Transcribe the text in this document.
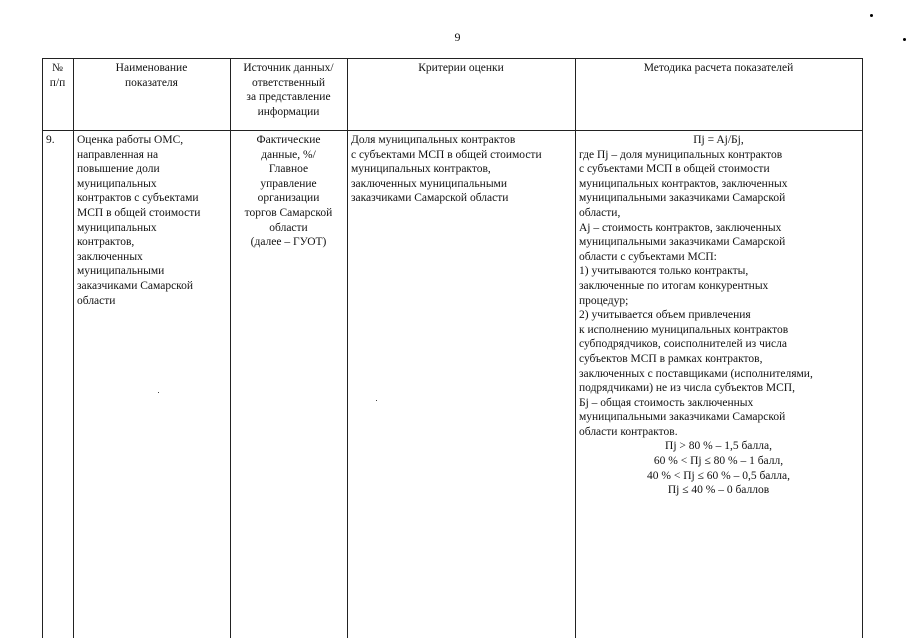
9
№
п/п
Наименование
показателя
Источник данных/
ответственный
за представление
информации
Критерии оценки	Методика расчета показателей
9.	Оценка работы ОМС,
направленная на
повышение доли
муниципальных
контрактов с субъектами
МСП в общей стоимости
муниципальных
контрактов,
заключенных
муниципальными
заказчиками Самарской
области
Фактические
данные, %/
Главное
управление
организации
торгов Самарской
области
(далее – ГУОТ)
Доля муниципальных контрактов
с субъектами МСП в общей стоимости
муниципальных контрактов,
заключенных муниципальными
заказчиками Самарской области
Пj = Aj/Бj,
где Пj – доля муниципальных контрактов
с субъектами МСП в общей стоимости
муниципальных контрактов, заключенных
муниципальными заказчиками Самарской
области,
Aj – стоимость контрактов, заключенных
муниципальными заказчиками Самарской
области с субъектами МСП:
1) учитываются только контракты,
заключенные по итогам конкурентных
процедур;
2) учитывается объем привлечения
к исполнению муниципальных контрактов
субподрядчиков, соисполнителей из числа
субъектов МСП в рамках контрактов,
заключенных с поставщиками (исполнителями,
подрядчиками) не из числа субъектов МСП,
Бj – общая стоимость заключенных
муниципальными заказчиками Самарской
области контрактов.
Пj > 80 % – 1,5 балла,
60 % < Пj ≤ 80 % – 1 балл,
40 % < Пj ≤ 60 % – 0,5 балла,
Пj ≤ 40 % – 0 баллов
